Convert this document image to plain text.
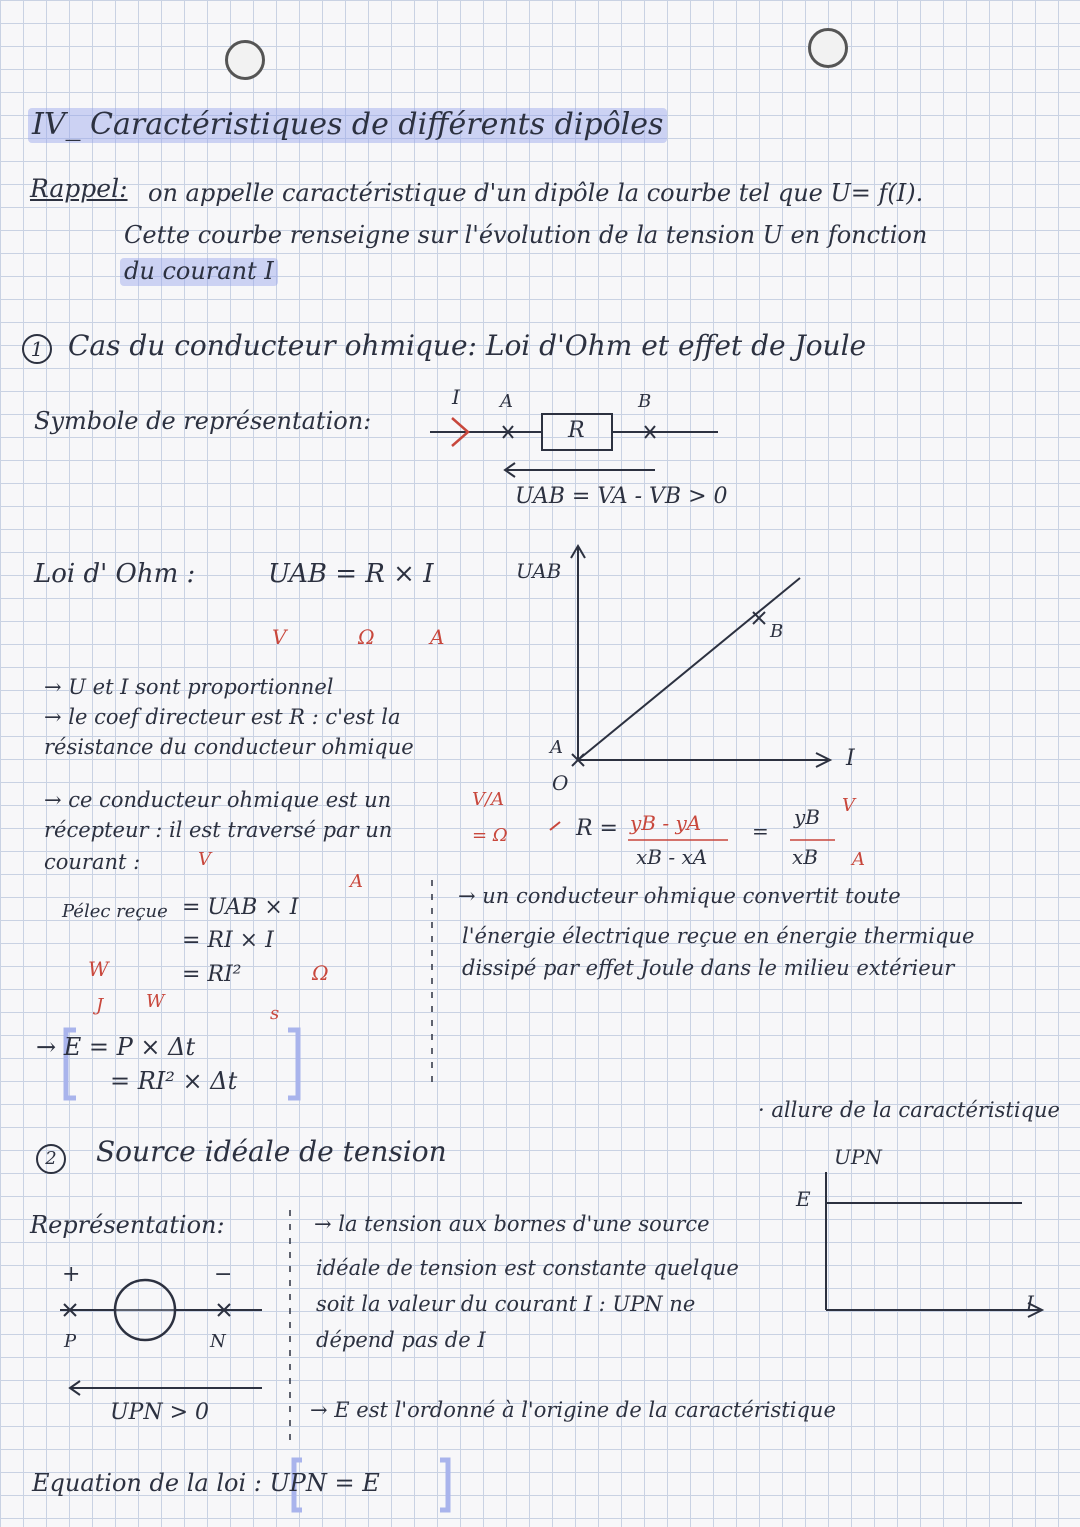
IV_ Caractéristiques de différents dipôles
Rappel: on appelle caractéristique d'un dipôle la courbe tel que U= f(I).
Cette courbe renseigne sur l'évolution de la tension U en fonction
du courant I
1 Cas du conducteur ohmique: Loi d'Ohm et effet de Joule
Symbole de représentation:
I A	B
R
UAB = VA - VB > 0
Loi d' Ohm :	UAB = R × I
V	Ω	A
→ U et I sont proportionnel
→ le coef directeur est R : c'est la
résistance du conducteur ohmique
→ ce conducteur ohmique est un
récepteur : il est traversé par un
courant :
Pélec reçue = UAB × I
= RI × I
= RI²
W
V
A
Ω
J W
s
→ E = P × Δt
= RI² × Δt
UAB
I
A
B
O
V/A
= Ω	R = yB - yA
xB - xA
=
yB
xB
V
A
→ un conducteur ohmique convertit toute
l'énergie électrique reçue en énergie thermique
dissipé par effet Joule dans le milieu extérieur
2	Source idéale de tension
· allure de la caractéristique
UPN
E
I
Représentation:
+	−
P	N
UPN > 0
→ la tension aux bornes d'une source
idéale de tension est constante quelque
soit la valeur du courant I : UPN ne
dépend pas de I
→ E est l'ordonné à l'origine de la caractéristique
Equation de la loi : UPN = E
